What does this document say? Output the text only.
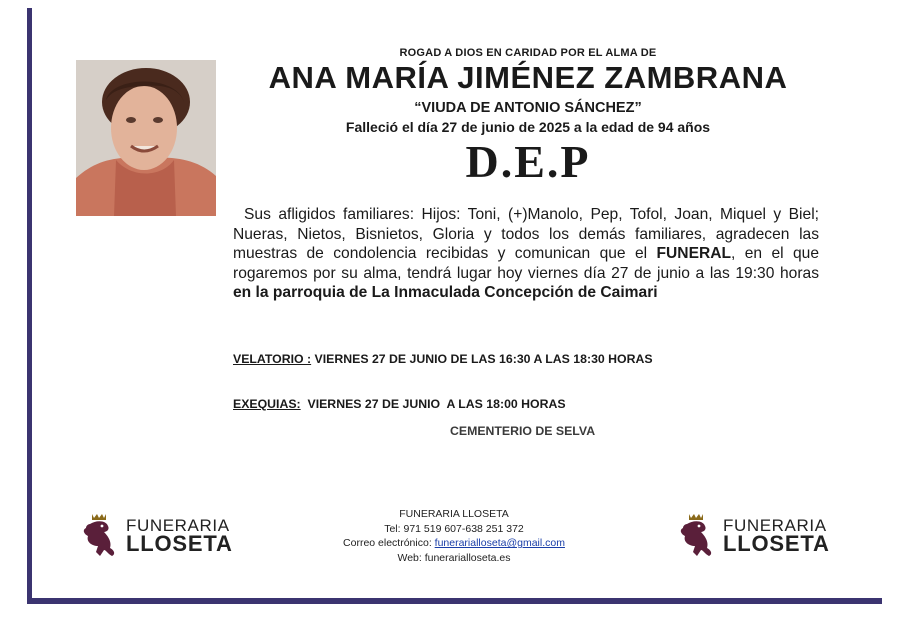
ROGAD A DIOS EN CARIDAD POR EL ALMA DE
ANA MARÍA JIMÉNEZ ZAMBRANA
“VIUDA DE ANTONIO SÁNCHEZ”
Falleció el día 27 de junio de 2025 a la edad de 94 años
D.E.P

Sus afligidos familiares: Hijos: Toni, (+)Manolo, Pep, Tofol, Joan, Miquel y Biel; Nueras, Nietos, Bisnietos, Gloria y todos los demás familiares, agradecen las muestras de condolencia recibidas y comunican que el FUNERAL, en el que rogaremos por su alma, tendrá lugar hoy viernes día 27 de junio a las 19:30 horas en la parroquia de La Inmaculada Concepción de Caimari

VELATORIO : VIERNES 27 DE JUNIO DE LAS 16:30 A LAS 18:30 HORAS
EXEQUIAS:  VIERNES 27 DE JUNIO  A LAS 18:00 HORAS
CEMENTERIO DE SELVA
FUNERARIA
LLOSETA
FUNERARIA
LLOSETA
FUNERARIA LLOSETA
Tel: 971 519 607-638 251 372
Correo electrónico: funerarialloseta@gmail.com
Web: funerarialloseta.es
